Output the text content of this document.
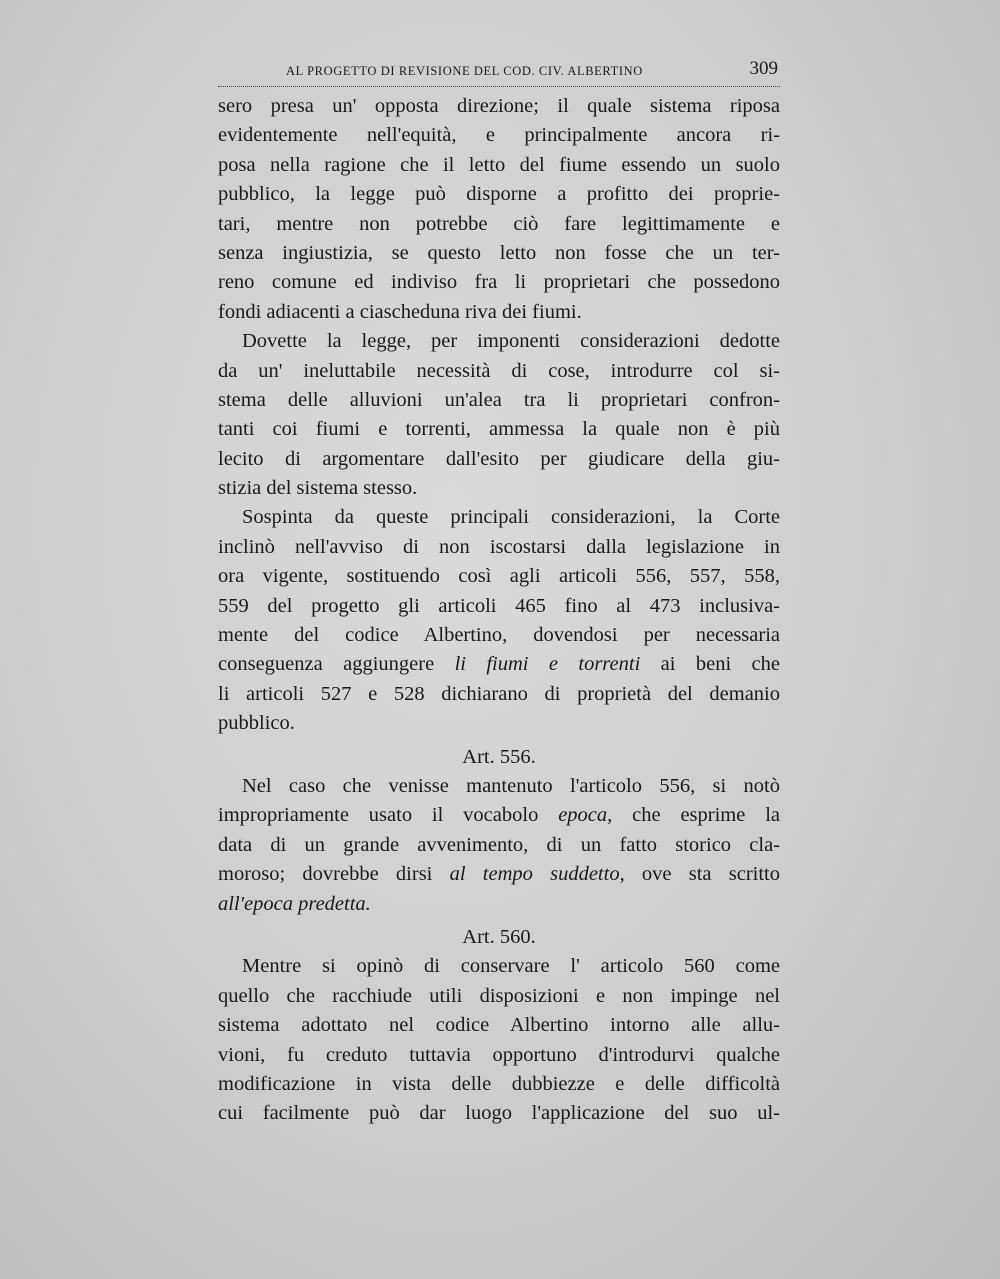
AL PROGETTO DI REVISIONE DEL COD. CIV. ALBERTINO	309
sero presa un' opposta direzione; il quale sistema riposa
evidentemente nell'equità, e principalmente ancora ri-
posa nella ragione che il letto del fiume essendo un suolo
pubblico, la legge può disporne a profitto dei proprie-
tari, mentre non potrebbe ciò fare legittimamente e
senza ingiustizia, se questo letto non fosse che un ter-
reno comune ed indiviso fra li proprietari che possedono
fondi adiacenti a ciascheduna riva dei fiumi.
Dovette la legge, per imponenti considerazioni dedotte
da un' ineluttabile necessità di cose, introdurre col si-
stema delle alluvioni un'alea tra li proprietari confron-
tanti coi fiumi e torrenti, ammessa la quale non è più
lecito di argomentare dall'esito per giudicare della giu-
stizia del sistema stesso.
Sospinta da queste principali considerazioni, la Corte
inclinò nell'avviso di non iscostarsi dalla legislazione in
ora vigente, sostituendo così agli articoli 556, 557, 558,
559 del progetto gli articoli 465 fino al 473 inclusiva-
mente del codice Albertino, dovendosi per necessaria
conseguenza aggiungere li fiumi e torrenti ai beni che
li articoli 527 e 528 dichiarano di proprietà del demanio
pubblico.
Art. 556.
Nel caso che venisse mantenuto l'articolo 556, si notò
impropriamente usato il vocabolo epoca, che esprime la
data di un grande avvenimento, di un fatto storico cla-
moroso; dovrebbe dirsi al tempo suddetto, ove sta scritto
all'epoca predetta.
Art. 560.
Mentre si opinò di conservare l' articolo 560 come
quello che racchiude utili disposizioni e non impinge nel
sistema adottato nel codice Albertino intorno alle allu-
vioni, fu creduto tuttavia opportuno d'introdurvi qualche
modificazione in vista delle dubbiezze e delle difficoltà
cui facilmente può dar luogo l'applicazione del suo ul-
